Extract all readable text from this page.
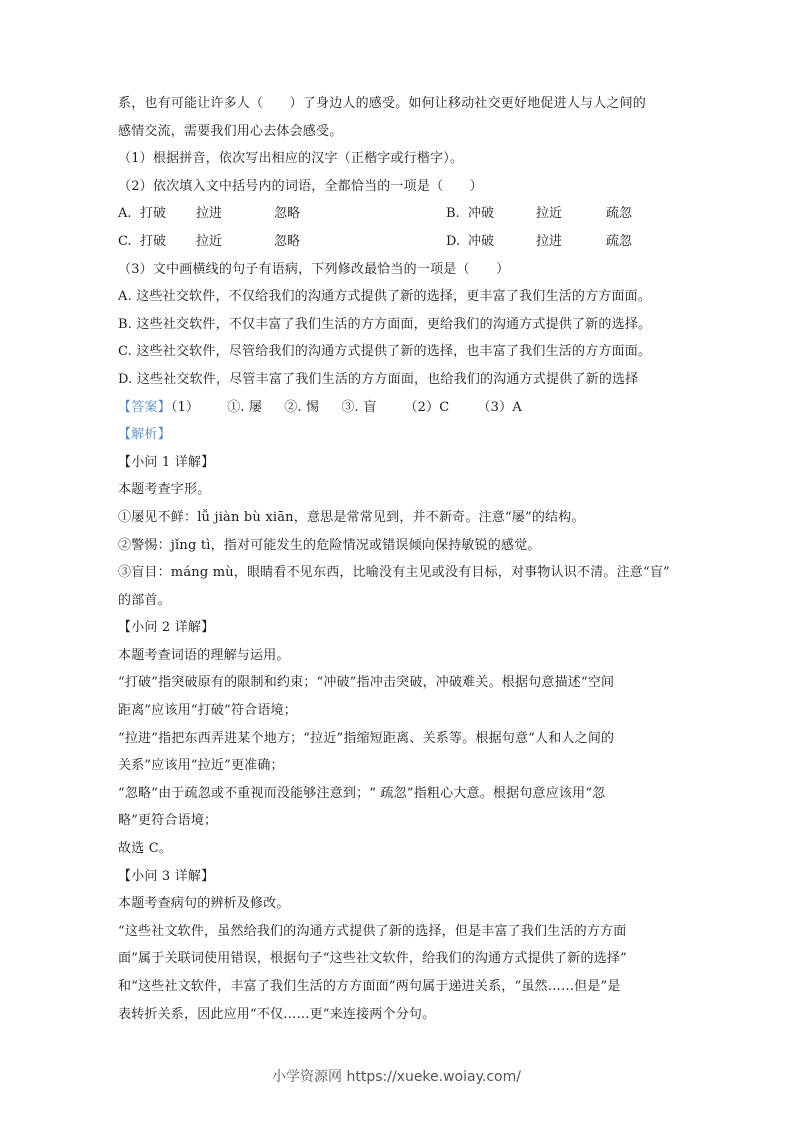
系，也有可能让许多人（　　）了身边人的感受。如何让移动社交更好地促进人与人之间的
感情交流，需要我们用心去体会感受。
（1）根据拼音，依次写出相应的汉字（正楷字或行楷字）。
（2）依次填入文中括号内的词语，全都恰当的一项是（　　）
A. 打破	拉进	忽略	B. 冲破	拉近	疏忽
C. 打破	拉近	忽略	D. 冲破	拉进	疏忽
（3）文中画横线的句子有语病，下列修改最恰当的一项是（　　）
A. 这些社交软件，不仅给我们的沟通方式提供了新的选择，更丰富了我们生活的方方面面。
B. 这些社交软件，不仅丰富了我们生活的方方面面，更给我们的沟通方式提供了新的选择。
C. 这些社交软件，尽管给我们的沟通方式提供了新的选择，也丰富了我们生活的方方面面。
D. 这些社交软件，尽管丰富了我们生活的方方面面，也给我们的沟通方式提供了新的选择
【答案】（1） ①. 屡 ②. 惕 ③. 盲 （2）C （3）A
【解析】
【小问 1 详解】
本题考查字形。
①屡见不鲜：lǚ jiàn bù xiān，意思是常常见到，并不新奇。注意“屡”的结构。
②警惕：jǐng tì，指对可能发生的危险情况或错误倾向保持敏锐的感觉。
③盲目：máng mù，眼睛看不见东西，比喻没有主见或没有目标，对事物认识不清。注意“盲”
的部首。
【小问 2 详解】
本题考查词语的理解与运用。
“打破”指突破原有的限制和约束；“冲破”指冲击突破，冲破难关。根据句意描述“空间
距离”应该用“打破”符合语境；
“拉进”指把东西弄进某个地方；“拉近”指缩短距离、关系等。根据句意“人和人之间的
关系”应该用“拉近”更准确；
“忽略”由于疏忽或不重视而没能够注意到；“ 疏忽”指粗心大意。根据句意应该用“忽
略”更符合语境；
故选 C。
【小问 3 详解】
本题考查病句的辨析及修改。
“这些社文软件，虽然给我们的沟通方式提供了新的选择，但是丰富了我们生活的方方面
面”属于关联词使用错误，根据句子“这些社文软件，给我们的沟通方式提供了新的选择”
和“这些社文软件，丰富了我们生活的方方面面”两句属于递进关系，“虽然……但是”是
表转折关系，因此应用“不仅……更”来连接两个分句。
小学资源网 https://xueke.woiay.com/
